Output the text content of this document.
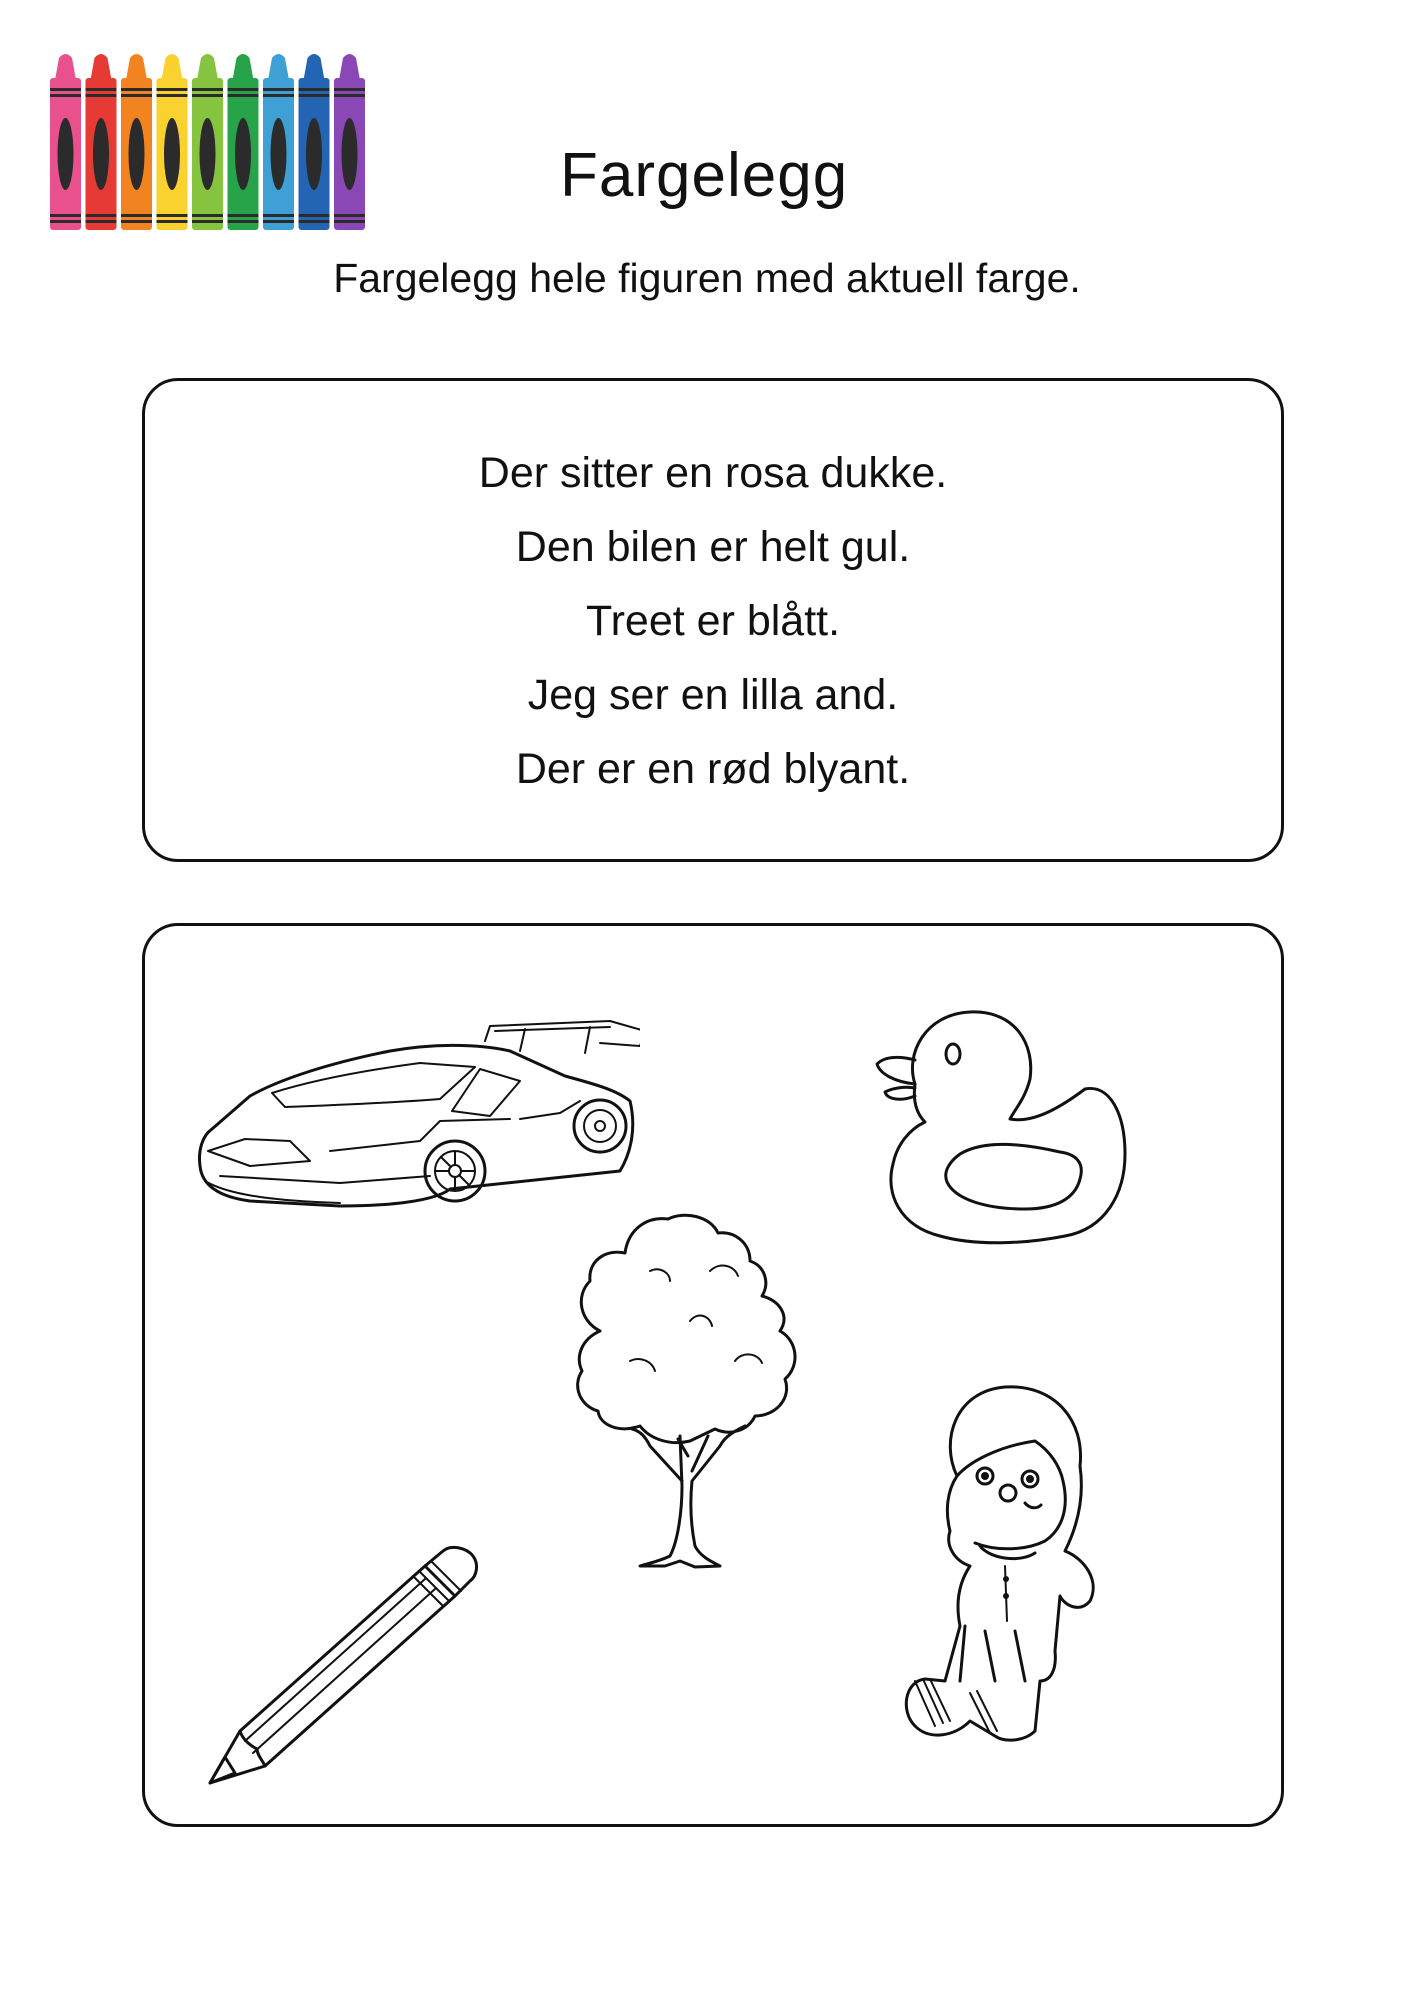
Fargelegg
Fargelegg hele figuren med aktuell farge.
Der sitter en rosa dukke.
Den bilen er helt gul.
Treet er blått.
Jeg ser en lilla and.
Der er en rød blyant.
